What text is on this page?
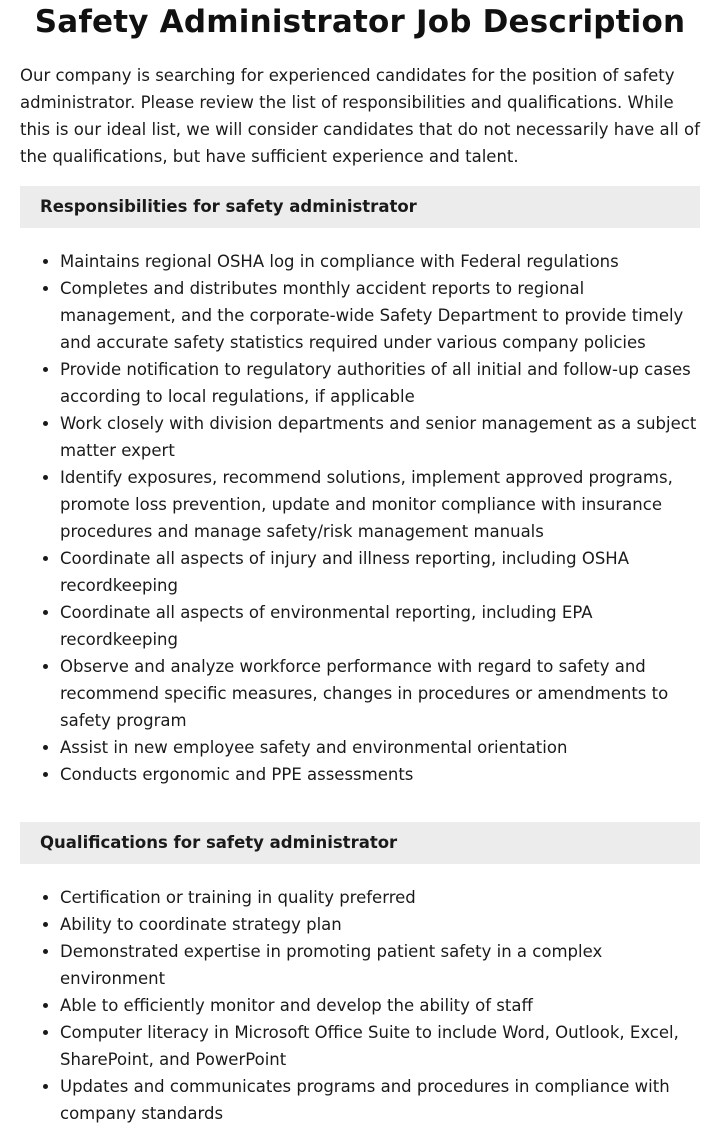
Safety Administrator Job Description

Our company is searching for experienced candidates for the position of safety administrator. Please review the list of responsibilities and qualifications. While this is our ideal list, we will consider candidates that do not necessarily have all of the qualifications, but have sufficient experience and talent.

Responsibilities for safety administrator
• Maintains regional OSHA log in compliance with Federal regulations
• Completes and distributes monthly accident reports to regional management, and the corporate-wide Safety Department to provide timely and accurate safety statistics required under various company policies
• Provide notification to regulatory authorities of all initial and follow-up cases according to local regulations, if applicable
• Work closely with division departments and senior management as a subject matter expert
• Identify exposures, recommend solutions, implement approved programs, promote loss prevention, update and monitor compliance with insurance procedures and manage safety/risk management manuals
• Coordinate all aspects of injury and illness reporting, including OSHA recordkeeping
• Coordinate all aspects of environmental reporting, including EPA recordkeeping
• Observe and analyze workforce performance with regard to safety and recommend specific measures, changes in procedures or amendments to safety program
• Assist in new employee safety and environmental orientation
• Conducts ergonomic and PPE assessments
Qualifications for safety administrator
• Certification or training in quality preferred
• Ability to coordinate strategy plan
• Demonstrated expertise in promoting patient safety in a complex environment
• Able to efficiently monitor and develop the ability of staff
• Computer literacy in Microsoft Office Suite to include Word, Outlook, Excel, SharePoint, and PowerPoint
• Updates and communicates programs and procedures in compliance with company standards
